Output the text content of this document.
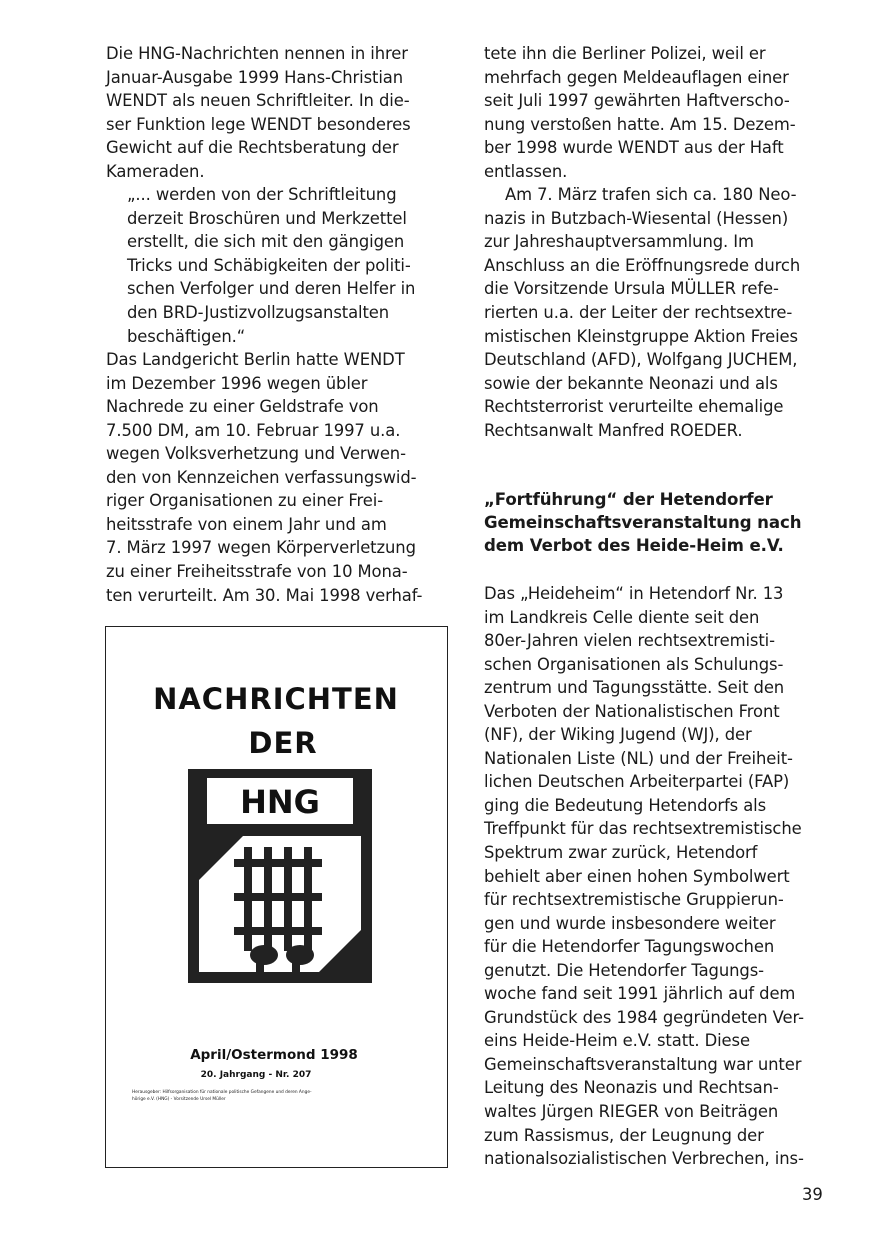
Die HNG-Nachrichten nennen in ihrer
Januar-Ausgabe 1999 Hans-Christian
WENDT als neuen Schriftleiter. In die-
ser Funktion lege WENDT besonderes
Gewicht auf die Rechtsberatung der
Kameraden.
„... werden von der Schriftleitung
derzeit Broschüren und Merkzettel
erstellt, die sich mit den gängigen
Tricks und Schäbigkeiten der politi-
schen Verfolger und deren Helfer in
den BRD-Justizvollzugsanstalten
beschäftigen.“
Das Landgericht Berlin hatte WENDT
im Dezember 1996 wegen übler
Nachrede zu einer Geldstrafe von
7.500 DM, am 10. Februar 1997 u.a.
wegen Volksverhetzung und Verwen-
den von Kennzeichen verfassungswid-
riger Organisationen zu einer Frei-
heitsstrafe von einem Jahr und am
7. März 1997 wegen Körperverletzung
zu einer Freiheitsstrafe von 10 Mona-
ten verurteilt. Am 30. Mai 1998 verhaf-
NACHRICHTEN
DER
HNG
April/Ostermond 1998
20. Jahrgang - Nr. 207
Herausgeber: Hilfsorganisation für nationale politische Gefangene und deren Ange-
hörige e.V. (HNG) - Vorsitzende Ursel Müller
tete ihn die Berliner Polizei, weil er
mehrfach gegen Meldeauflagen einer
seit Juli 1997 gewährten Haftverscho-
nung verstoßen hatte. Am 15. Dezem-
ber 1998 wurde WENDT aus der Haft
entlassen.
Am 7. März trafen sich ca. 180 Neo-
nazis in Butzbach-Wiesental (Hessen)
zur Jahreshauptversammlung. Im
Anschluss an die Eröffnungsrede durch
die Vorsitzende Ursula MÜLLER refe-
rierten u.a. der Leiter der rechtsextre-
mistischen Kleinstgruppe Aktion Freies
Deutschland (AFD), Wolfgang JUCHEM,
sowie der bekannte Neonazi und als
Rechtsterrorist verurteilte ehemalige
Rechtsanwalt Manfred ROEDER.
„Fortführung“ der Hetendorfer
Gemeinschaftsveranstaltung nach
dem Verbot des Heide-Heim e.V.
Das „Heideheim“ in Hetendorf Nr. 13
im Landkreis Celle diente seit den
80er-Jahren vielen rechtsextremisti-
schen Organisationen als Schulungs-
zentrum und Tagungsstätte. Seit den
Verboten der Nationalistischen Front
(NF), der Wiking Jugend (WJ), der
Nationalen Liste (NL) und der Freiheit-
lichen Deutschen Arbeiterpartei (FAP)
ging die Bedeutung Hetendorfs als
Treffpunkt für das rechtsextremistische
Spektrum zwar zurück, Hetendorf
behielt aber einen hohen Symbolwert
für rechtsextremistische Gruppierun-
gen und wurde insbesondere weiter
für die Hetendorfer Tagungswochen
genutzt. Die Hetendorfer Tagungs-
woche fand seit 1991 jährlich auf dem
Grundstück des 1984 gegründeten Ver-
eins Heide-Heim e.V. statt. Diese
Gemeinschaftsveranstaltung war unter
Leitung des Neonazis und Rechtsan-
waltes Jürgen RIEGER von Beiträgen
zum Rassismus, der Leugnung der
nationalsozialistischen Verbrechen, ins-
39
